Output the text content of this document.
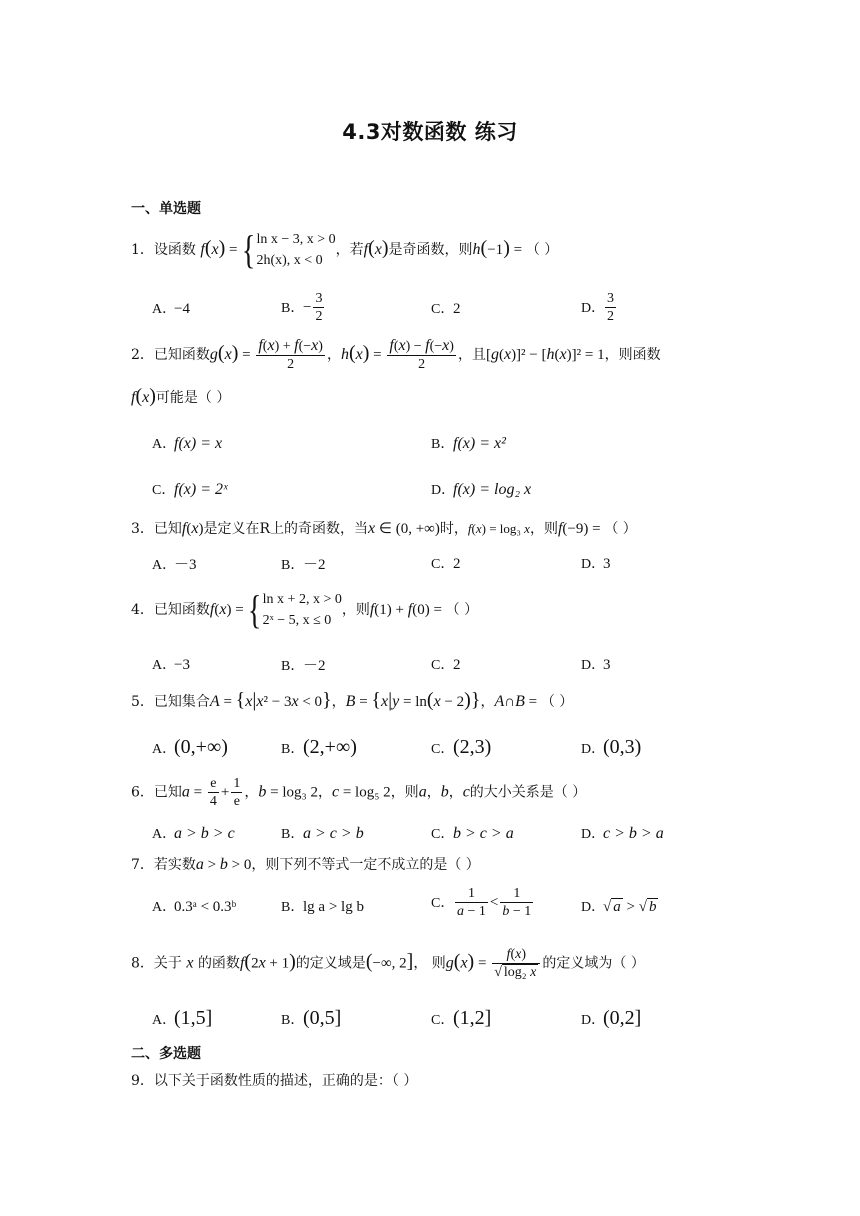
4.3对数函数 练习
一、单选题
1．设函数 f(x) = {ln x − 3, x > 0
2h(x), x < 0，若f(x)是奇函数，则h(−1) = （ ）
A．−4	B．− $\frac{3}{2}$	C．2	D． $\frac{3}{2}$
2．已知函数$g(x) = \frac{f(x) + f(-x)}{2}$ ，$h(x) = \frac{f(x) - f(-x)}{2}$ ，且[g(x)]² − [h(x)]² = 1，则函数
f(x)可能是（ ）
A．f(x) = x	B．f(x) = x²
C．f(x) = 2ˣ	D．f(x) = log₂ x
3．已知f(x)是定义在R上的奇函数，当x ∈ (0, +∞)时，f(x) = log₃ x，则f(−9) = （ ）
A．－3	B．－2	C．2	D．3
4．已知函数f(x) = {ln x + 2, x > 0
2ˣ − 5, x ≤ 0，则f(1) + f(0) = （ ）
A．−3	B．－2	C．2	D．3
5．已知集合A = {x|x² − 3x < 0}，B = {x|y = ln(x − 2)}，A∩B = （ ）
A．(0,+∞)	B．(2,+∞)	C．(2,3)	D．(0,3)
6．已知$a = \frac{e}{4} + \frac{1}{e}$ ，b = log₃ 2，c = log₅ 2，则a，b，c的大小关系是（ ）
A．a > b > c	B．a > c > b	C．b > c > a	D．c > b > a
7．若实数a > b > 0，则下列不等式一定不成立的是（ ）
A．0.3ᵃ < 0.3ᵇ	B．lg a > lg b	C． $\frac{1}{a - 1} < \frac{1}{b - 1}$	D．√ a > √ b
8．关于 x 的函数f(2x + 1)的定义域是(−∞, 2]， 则$g(x) = \frac{f(x)}{\text{√ log₂ x}}$ 的定义域为（ ）
A．(1,5]	B．(0,5]	C．(1,2]	D．(0,2]
二、多选题
9．以下关于函数性质的描述，正确的是：（ ）
